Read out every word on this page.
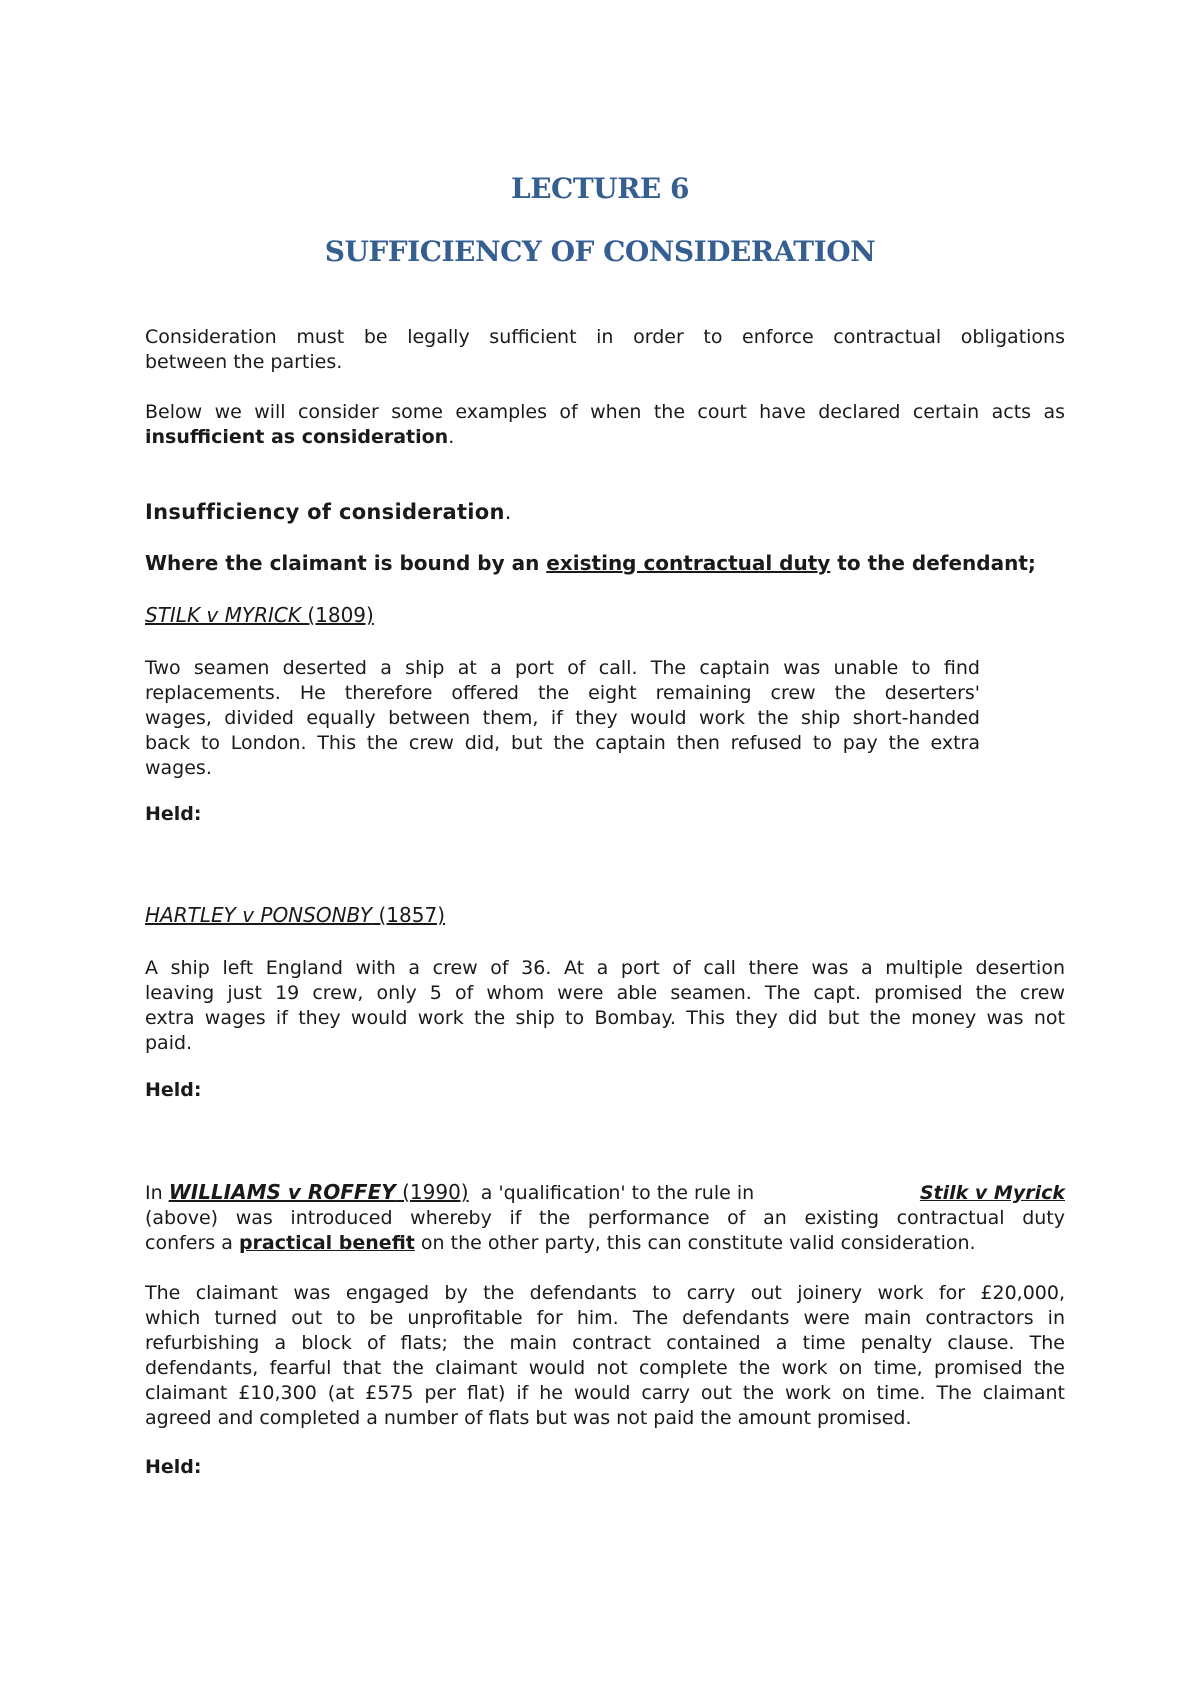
LECTURE 6
SUFFICIENCY OF CONSIDERATION
Consideration must be legally sufficient in order to enforce contractual obligations
between the parties.
Below we will consider some examples of when the court have declared certain acts as
insufficient as consideration.
Insufficiency of consideration.
Where the claimant is bound by an existing contractual duty to the defendant;
STILK v MYRICK (1809)
Two seamen deserted a ship at a port of call. The captain was unable to find
replacements. He therefore offered the eight remaining crew the deserters'
wages, divided equally between them, if they would work the ship short-handed
back to London. This the crew did, but the captain then refused to pay the extra
wages.
Held:
HARTLEY v PONSONBY (1857)
A ship left England with a crew of 36. At a port of call there was a multiple desertion
leaving just 19 crew, only 5 of whom were able seamen. The capt. promised the crew
extra wages if they would work the ship to Bombay. This they did but the money was not
paid.
Held:
In WILLIAMS v ROFFEY (1990) a 'qualification' to the rule in	Stilk v Myrick
(above) was introduced whereby if the performance of an existing contractual duty
confers a practical benefit on the other party, this can constitute valid consideration.
The claimant was engaged by the defendants to carry out joinery work for £20,000,
which turned out to be unprofitable for him. The defendants were main contractors in
refurbishing a block of flats; the main contract contained a time penalty clause. The
defendants, fearful that the claimant would not complete the work on time, promised the
claimant £10,300 (at £575 per flat) if he would carry out the work on time. The claimant
agreed and completed a number of flats but was not paid the amount promised.
Held:
